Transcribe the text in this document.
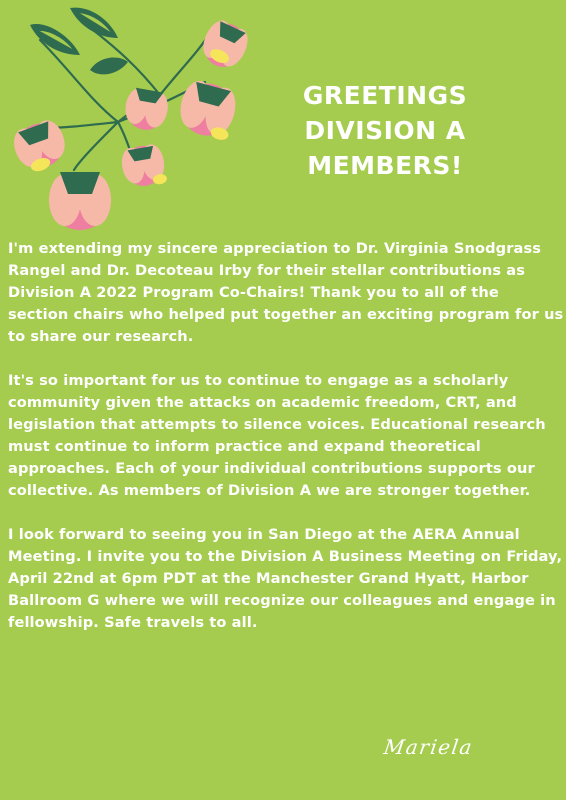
GREETINGS
DIVISION A
MEMBERS!

I'm extending my sincere appreciation to Dr. Virginia Snodgrass Rangel and Dr. Decoteau Irby for their stellar contributions as Division A 2022 Program Co-Chairs! Thank you to all of the section chairs who helped put together an exciting program for us to share our research.

It's so important for us to continue to engage as a scholarly community given the attacks on academic freedom, CRT, and legislation that attempts to silence voices. Educational research must continue to inform practice and expand theoretical approaches. Each of your individual contributions supports our collective. As members of Division A we are stronger together.

I look forward to seeing you in San Diego at the AERA Annual Meeting. I invite you to the Division A Business Meeting on Friday, April 22nd at 6pm PDT at the Manchester Grand Hyatt, Harbor Ballroom G where we will recognize our colleagues and engage in fellowship. Safe travels to all.

Mariela
